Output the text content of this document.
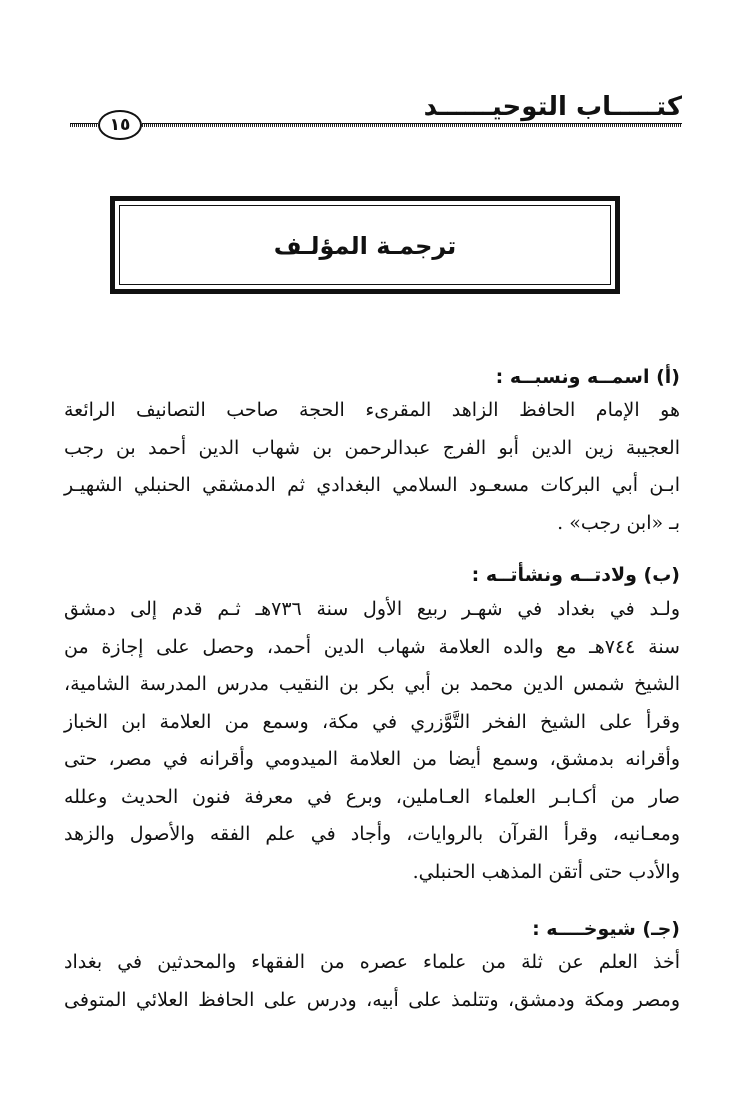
كتـــــاب التوحيــــــد
١٥
ترجمـة المؤلـف
(أ) اسمــه ونسبــه :

هو الإمام الحافظ الزاهد المقرىء الحجة صاحب التصانيف الرائعة
العجيبة زين الدين أبو الفرج عبدالرحمن بن شهاب الدين أحمد بن رجب
ابـن أبي البركات مسعـود السلامي البغدادي ثم الدمشقي الحنبلي الشهيـر
بـ «ابن رجب» .

(ب) ولادتــه ونشأتــه :

ولـد في بغداد في شهـر ربيع الأول سنة ٧٣٦هـ ثـم قدم إلى دمشق
سنة ٧٤٤هـ مع والده العلامة شهاب الدين أحمد، وحصل على إجازة من
الشيخ شمس الدين محمد بن أبي بكر بن النقيب مدرس المدرسة الشامية،
وقرأ على الشيخ الفخر التَّوَّزري في مكة، وسمع من العلامة ابن الخباز
وأقرانه بدمشق، وسمع أيضا من العلامة الميدومي وأقرانه في مصر، حتى
صار من أكـابـر العلماء العـاملين، وبرع في معرفة فنون الحديث وعلله
ومعـانيه، وقرأ القرآن بالروايات، وأجاد في علم الفقه والأصول والزهد
والأدب حتى أتقن المذهب الحنبلي.

(جـ) شيوخــــه :

أخذ العلم عن ثلة من علماء عصره من الفقهاء والمحدثين في بغداد
ومصر ومكة ودمشق، وتتلمذ على أبيه، ودرس على الحافظ العلائي المتوفى
